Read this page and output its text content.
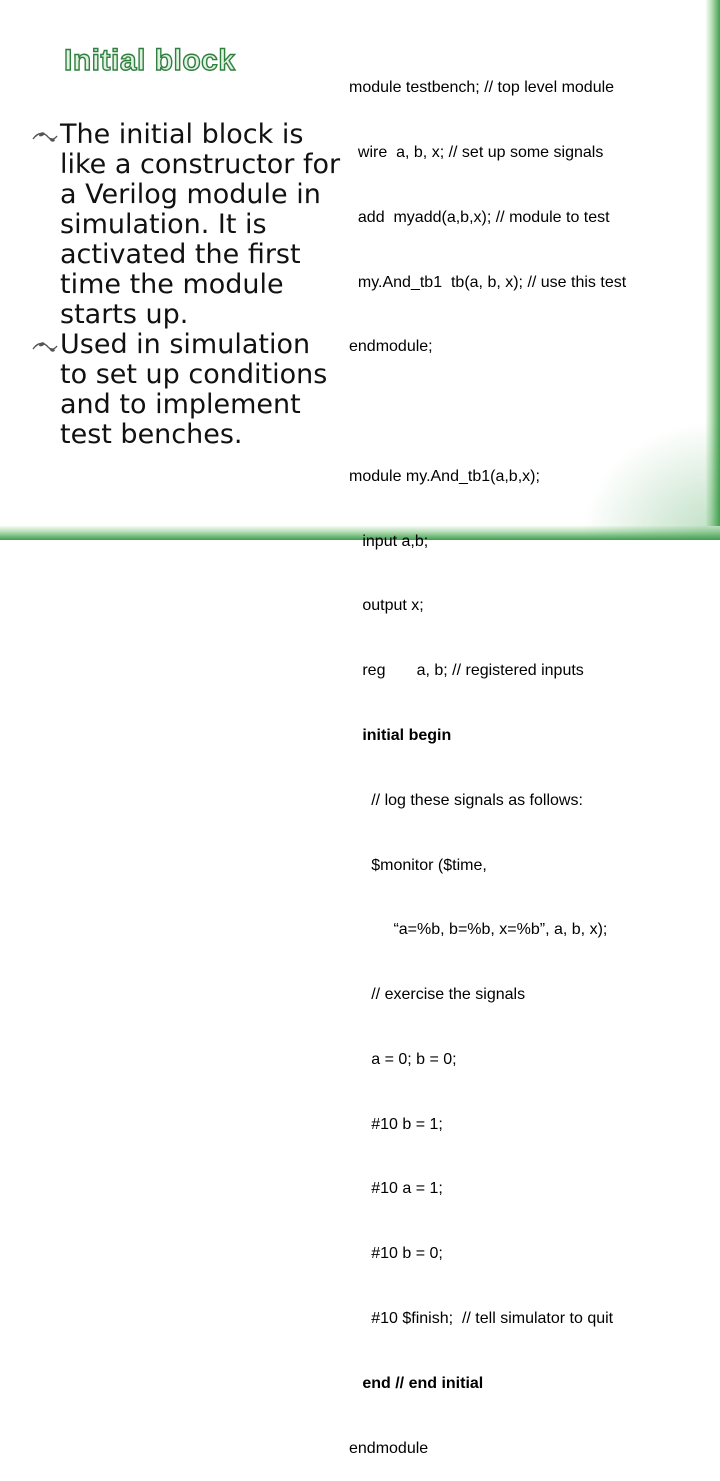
Initial block
The initial block is like a constructor for a Verilog module in simulation. It is activated the first time the module starts up.
Used in simulation to set up conditions and to implement test benches.

module testbench; // top level module

wire  a, b, x; // set up some signals

add  myadd(a,b,x); // module to test

my.And_tb1  tb(a, b, x); // use this test

endmodule;

module my.And_tb1(a,b,x);

input a,b;

output x;

reg       a, b; // registered inputs

initial begin

// log these signals as follows:

$monitor ($time,

“a=%b, b=%b, x=%b”, a, b, x);

// exercise the signals

a = 0; b = 0;

#10 b = 1;

#10 a = 1;

#10 b = 0;

#10 $finish;  // tell simulator to quit

end // end initial

endmodule
